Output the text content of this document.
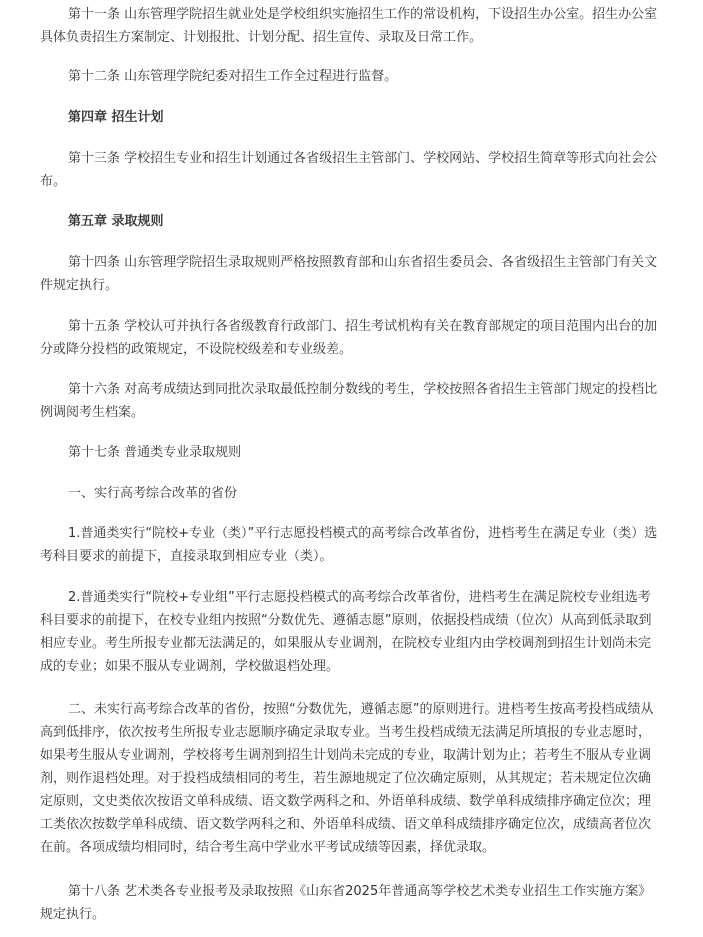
第十一条 山东管理学院招生就业处是学校组织实施招生工作的常设机构，下设招生办公室。招生办公室具体负责招生方案制定、计划报批、计划分配、招生宣传、录取及日常工作。

第十二条 山东管理学院纪委对招生工作全过程进行监督。

第四章 招生计划

第十三条 学校招生专业和招生计划通过各省级招生主管部门、学校网站、学校招生简章等形式向社会公布。

第五章 录取规则

第十四条 山东管理学院招生录取规则严格按照教育部和山东省招生委员会、各省级招生主管部门有关文件规定执行。

第十五条 学校认可并执行各省级教育行政部门、招生考试机构有关在教育部规定的项目范围内出台的加分或降分投档的政策规定，不设院校级差和专业级差。

第十六条 对高考成绩达到同批次录取最低控制分数线的考生，学校按照各省招生主管部门规定的投档比例调阅考生档案。

第十七条 普通类专业录取规则

一、实行高考综合改革的省份

1.普通类实行“院校+专业（类）”平行志愿投档模式的高考综合改革省份，进档考生在满足专业（类）选考科目要求的前提下，直接录取到相应专业（类）。

2.普通类实行“院校+专业组”平行志愿投档模式的高考综合改革省份，进档考生在满足院校专业组选考科目要求的前提下，在校专业组内按照“分数优先、遵循志愿”原则，依据投档成绩（位次）从高到低录取到相应专业。考生所报专业都无法满足的，如果服从专业调剂，在院校专业组内由学校调剂到招生计划尚未完成的专业；如果不服从专业调剂，学校做退档处理。

二、未实行高考综合改革的省份，按照“分数优先，遵循志愿”的原则进行。进档考生按高考投档成绩从高到低排序，依次按考生所报专业志愿顺序确定录取专业。当考生投档成绩无法满足所填报的专业志愿时，如果考生服从专业调剂，学校将考生调剂到招生计划尚未完成的专业，取满计划为止；若考生不服从专业调剂，则作退档处理。对于投档成绩相同的考生，若生源地规定了位次确定原则，从其规定；若未规定位次确定原则，文史类依次按语文单科成绩、语文数学两科之和、外语单科成绩、数学单科成绩排序确定位次；理工类依次按数学单科成绩、语文数学两科之和、外语单科成绩、语文单科成绩排序确定位次，成绩高者位次在前。各项成绩均相同时，结合考生高中学业水平考试成绩等因素，择优录取。

第十八条 艺术类各专业报考及录取按照《山东省2025年普通高等学校艺术类专业招生工作实施方案》规定执行。
